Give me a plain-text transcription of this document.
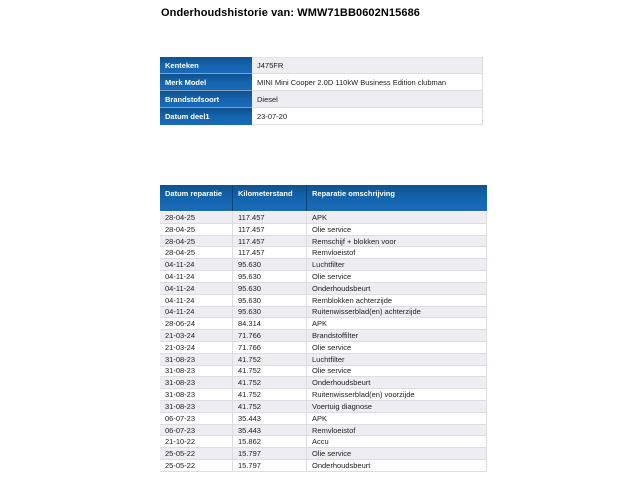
Onderhoudshistorie van: WMW71BB0602N15686
Kenteken	J475FR
Merk Model	MINI Mini Cooper 2.0D 110kW Business Edition clubman
Brandstofsoort	Diesel
Datum deel1	23-07-20
Datum reparatie	Kilometerstand	Reparatie omschrijving
28-04-25	117.457	APK
28-04-25	117.457	Olie service
28-04-25	117.457	Remschijf + blokken voor
28-04-25	117.457	Remvloeistof
04-11-24	95.630	Luchtfilter
04-11-24	95.630	Olie service
04-11-24	95.630	Onderhoudsbeurt
04-11-24	95.630	Remblokken achterzijde
04-11-24	95.630	Ruitenwisserblad(en) achterzijde
28-06-24	84.314	APK
21-03-24	71.766	Brandstoffilter
21-03-24	71.766	Olie service
31-08-23	41.752	Luchtfilter
31-08-23	41.752	Olie service
31-08-23	41.752	Onderhoudsbeurt
31-08-23	41.752	Ruitenwisserblad(en) voorzijde
31-08-23	41.752	Voertuig diagnose
06-07-23	35.443	APK
06-07-23	35.443	Remvloeistof
21-10-22	15.862	Accu
25-05-22	15.797	Olie service
25-05-22	15.797	Onderhoudsbeurt
